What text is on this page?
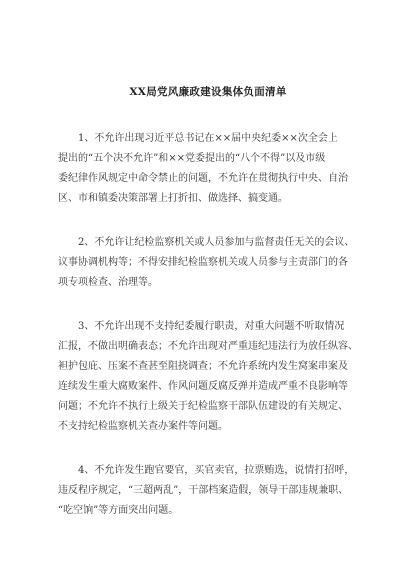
XX局党风廉政建设集体负面清单
1、不允许出现习近平总书记在××届中央纪委××次全会上
提出的“五个决不允许”和××党委提出的“八个不得”以及市级
委纪律作风规定中命令禁止的问题，不允许在贯彻执行中央、自治
区、市和镇委决策部署上打折扣、做选择、搞变通。
2、不允许让纪检监察机关或人员参加与监督责任无关的会议、
议事协调机构等；不得安排纪检监察机关或人员参与主责部门的各
项专项检查、治理等。
3、不允许出现不支持纪委履行职责，对重大问题不听取情况
汇报，不做出明确表态；不允许出现对严重违纪违法行为放任纵容、
袒护包庇、压案不查甚至阻挠调查；不允许系统内发生窝案串案及
连续发生重大腐败案件、作风问题反腐反弹并造成严重不良影响等
问题；不允许不执行上级关于纪检监察干部队伍建设的有关规定、
不支持纪检监察机关查办案件等问题。
4、不允许发生跑官要官，买官卖官，拉票贿选，说情打招呼，
违反程序规定，“三超两乱”，干部档案造假，领导干部违规兼职、
“吃空饷”等方面突出问题。
